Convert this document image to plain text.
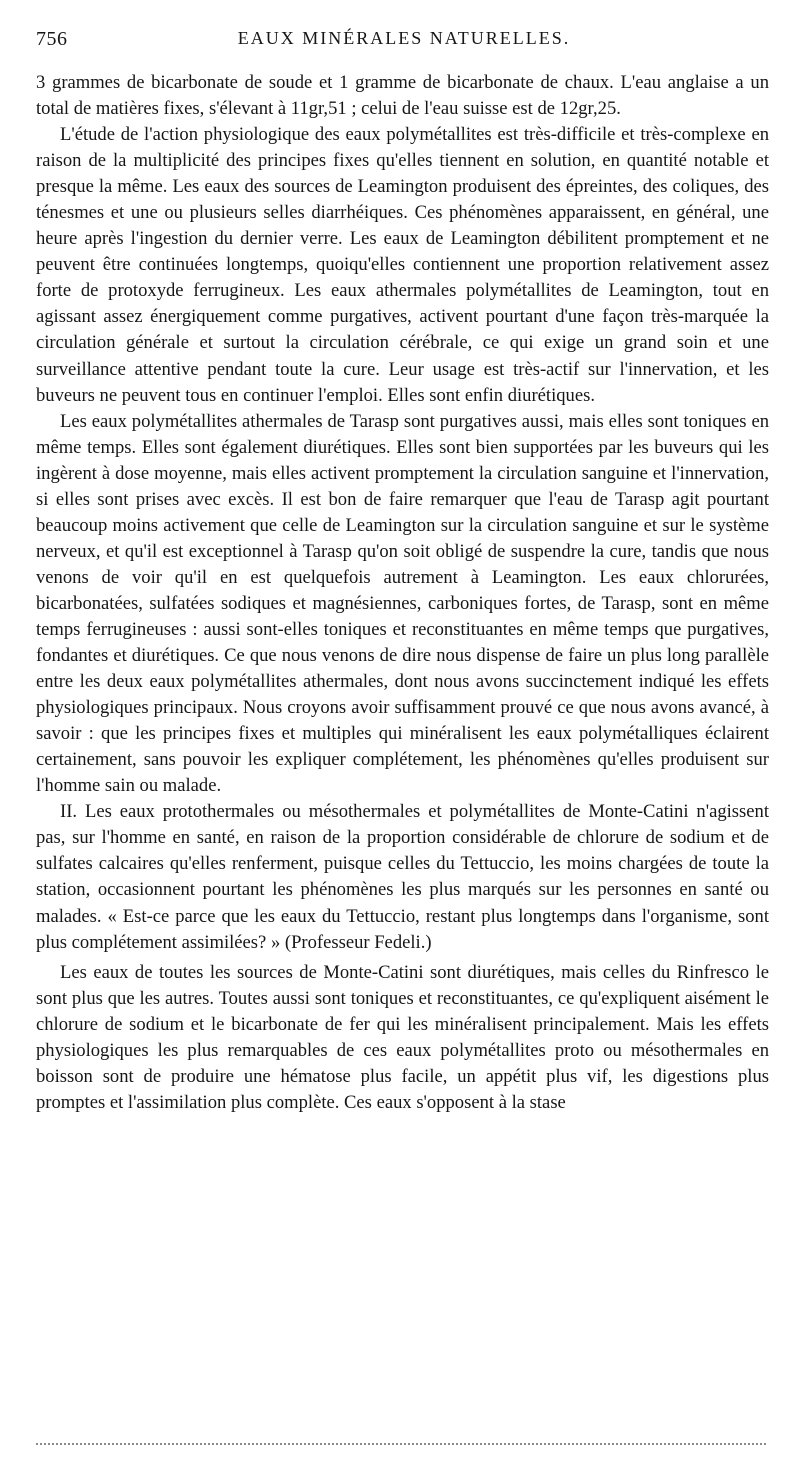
756	EAUX MINÉRALES NATURELLES.

3 grammes de bicarbonate de soude et 1 gramme de bicarbonate de chaux. L'eau anglaise a un total de matières fixes, s'élevant à 11gr,51 ; celui de l'eau suisse est de 12gr,25.

L'étude de l'action physiologique des eaux polymétallites est très-difficile et très-complexe en raison de la multiplicité des principes fixes qu'elles tiennent en solution, en quantité notable et presque la même. Les eaux des sources de Leamington produisent des épreintes, des coliques, des ténesmes et une ou plusieurs selles diarrhéiques. Ces phénomènes apparaissent, en général, une heure après l'ingestion du dernier verre. Les eaux de Leamington débilitent promptement et ne peuvent être continuées longtemps, quoiqu'elles contiennent une proportion relativement assez forte de protoxyde ferrugineux. Les eaux athermales polymétallites de Leamington, tout en agissant assez énergiquement comme purgatives, activent pourtant d'une façon très-marquée la circulation générale et surtout la circulation cérébrale, ce qui exige un grand soin et une surveillance attentive pendant toute la cure. Leur usage est très-actif sur l'innervation, et les buveurs ne peuvent tous en continuer l'emploi. Elles sont enfin diurétiques.

Les eaux polymétallites athermales de Tarasp sont purgatives aussi, mais elles sont toniques en même temps. Elles sont également diurétiques. Elles sont bien supportées par les buveurs qui les ingèrent à dose moyenne, mais elles activent promptement la circulation sanguine et l'innervation, si elles sont prises avec excès. Il est bon de faire remarquer que l'eau de Tarasp agit pourtant beaucoup moins activement que celle de Leamington sur la circulation sanguine et sur le système nerveux, et qu'il est exceptionnel à Tarasp qu'on soit obligé de suspendre la cure, tandis que nous venons de voir qu'il en est quelquefois autrement à Leamington. Les eaux chlorurées, bicarbonatées, sulfatées sodiques et magnésiennes, carboniques fortes, de Tarasp, sont en même temps ferrugineuses : aussi sont-elles toniques et reconstituantes en même temps que purgatives, fondantes et diurétiques. Ce que nous venons de dire nous dispense de faire un plus long parallèle entre les deux eaux polymétallites athermales, dont nous avons succinctement indiqué les effets physiologiques principaux. Nous croyons avoir suffisamment prouvé ce que nous avons avancé, à savoir : que les principes fixes et multiples qui minéralisent les eaux polymétalliques éclairent certainement, sans pouvoir les expliquer complétement, les phénomènes qu'elles produisent sur l'homme sain ou malade.

II. Les eaux protothermales ou mésothermales et polymétallites de Monte-Catini n'agissent pas, sur l'homme en santé, en raison de la proportion considérable de chlorure de sodium et de sulfates calcaires qu'elles renferment, puisque celles du Tettuccio, les moins chargées de toute la station, occasionnent pourtant les phénomènes les plus marqués sur les personnes en santé ou malades. « Est-ce parce que les eaux du Tettuccio, restant plus longtemps dans l'organisme, sont plus complétement assimilées? » (Professeur Fedeli.)

Les eaux de toutes les sources de Monte-Catini sont diurétiques, mais celles du Rinfresco le sont plus que les autres. Toutes aussi sont toniques et reconstituantes, ce qu'expliquent aisément le chlorure de sodium et le bicarbonate de fer qui les minéralisent principalement. Mais les effets physiologiques les plus remarquables de ces eaux polymétallites proto ou mésothermales en boisson sont de produire une hématose plus facile, un appétit plus vif, les digestions plus promptes et l'assimilation plus complète. Ces eaux s'opposent à la stase
